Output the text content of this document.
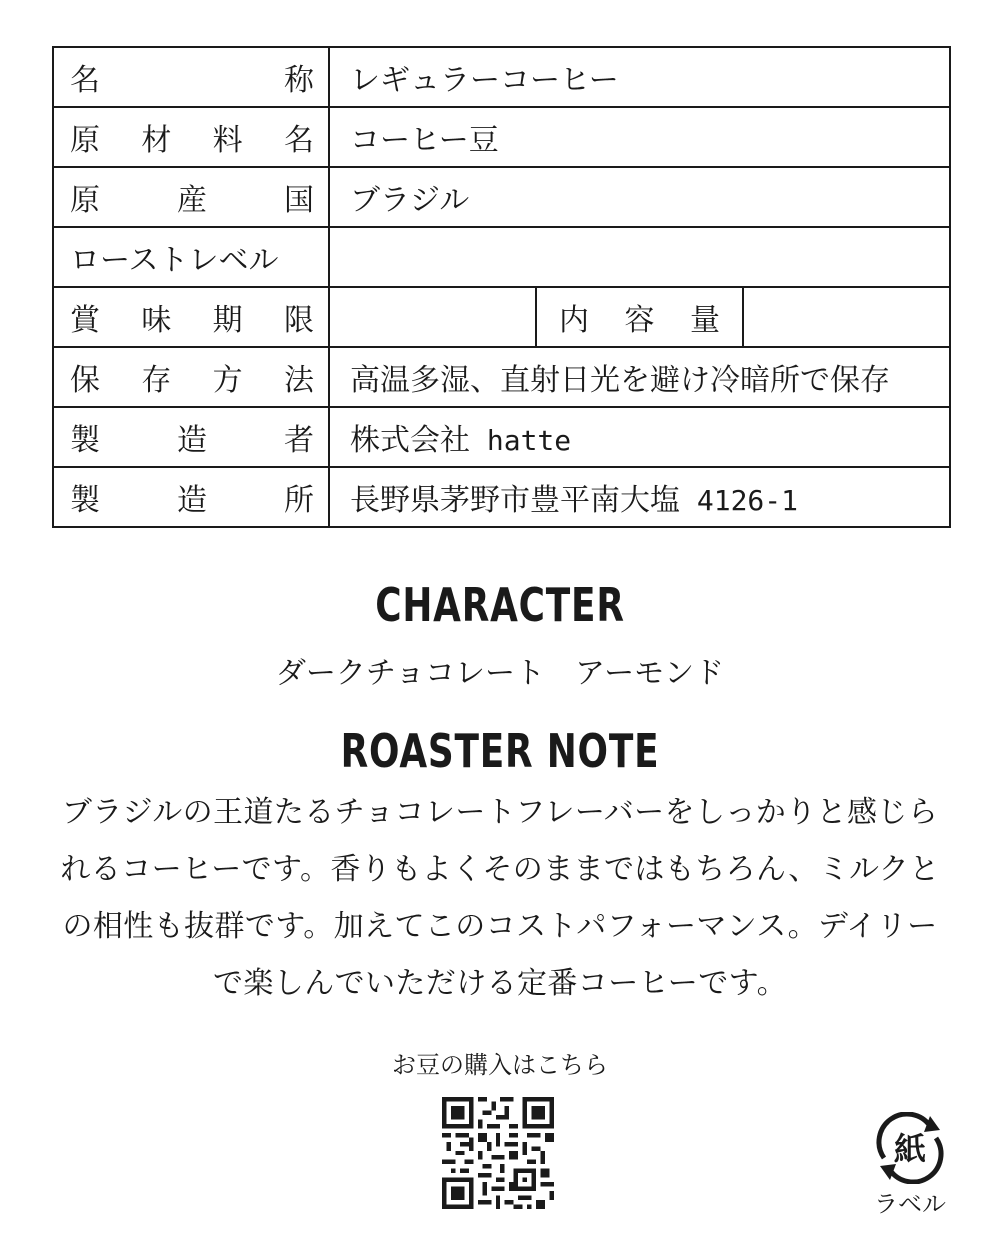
名 称	レギュラーコーヒー		

原 材 料 名	コーヒー豆		

原 産 国	ブラジル		
ローストレベル			

賞 味 期 限		内 容 量	

保 存 方 法	高温多湿、直射日光を避け冷暗所で保存		

製 造 者	株式会社 hatte		

製 造 所	長野県茅野市豊平南大塩 4126-1		
CHARACTER
ダークチョコレート　アーモンド
ROASTER NOTE
ブラジルの王道たるチョコレートフレーバーをしっかりと感じら
れるコーヒーです。香りもよくそのままではもちろん、ミルクと
の相性も抜群です。加えてこのコストパフォーマンス。デイリー
で楽しんでいただける定番コーヒーです。
お豆の購入はこちら
紙
ラベル
